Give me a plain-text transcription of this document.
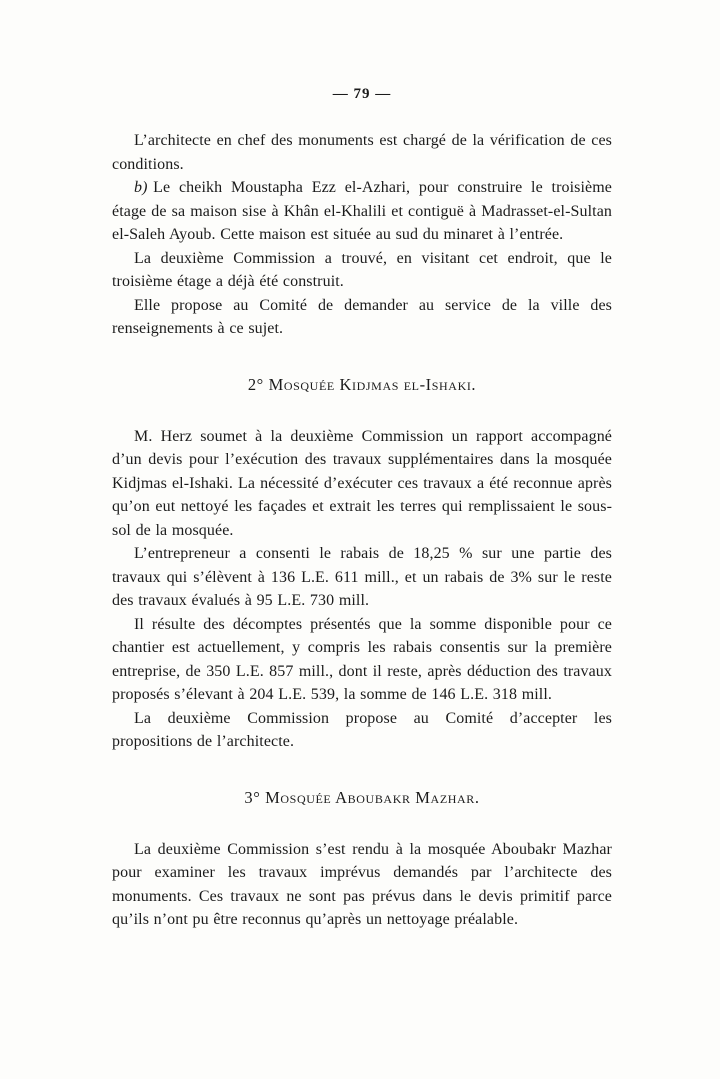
— 79 —

L’architecte en chef des monuments est chargé de la vérification de ces conditions.

b) Le cheikh Moustapha Ezz el-Azhari, pour construire le troisième étage de sa maison sise à Khân el-Khalili et contiguë à Madrasset-el-Sultan el-Saleh Ayoub. Cette maison est située au sud du minaret à l’entrée.

La deuxième Commission a trouvé, en visitant cet endroit, que le troisième étage a déjà été construit.

Elle propose au Comité de demander au service de la ville des renseignements à ce sujet.

2° Mosquée Kidjmas el-Ishaki.

M. Herz soumet à la deuxième Commission un rapport accompagné d’un devis pour l’exécution des travaux supplémentaires dans la mosquée Kidjmas el-Ishaki. La nécessité d’exécuter ces travaux a été reconnue après qu’on eut nettoyé les façades et extrait les terres qui remplissaient le sous-sol de la mosquée.

L’entrepreneur a consenti le rabais de 18,25 % sur une partie des travaux qui s’élèvent à 136 L.E. 611 mill., et un rabais de 3% sur le reste des travaux évalués à 95 L.E. 730 mill.

Il résulte des décomptes présentés que la somme disponible pour ce chantier est actuellement, y compris les rabais consentis sur la première entreprise, de 350 L.E. 857 mill., dont il reste, après déduction des travaux proposés s’élevant à 204 L.E. 539, la somme de 146 L.E. 318 mill.

La deuxième Commission propose au Comité d’accepter les propositions de l’architecte.

3° Mosquée Aboubakr Mazhar.

La deuxième Commission s’est rendu à la mosquée Aboubakr Mazhar pour examiner les travaux imprévus demandés par l’architecte des monuments. Ces travaux ne sont pas prévus dans le devis primitif parce qu’ils n’ont pu être reconnus qu’après un nettoyage préalable.
